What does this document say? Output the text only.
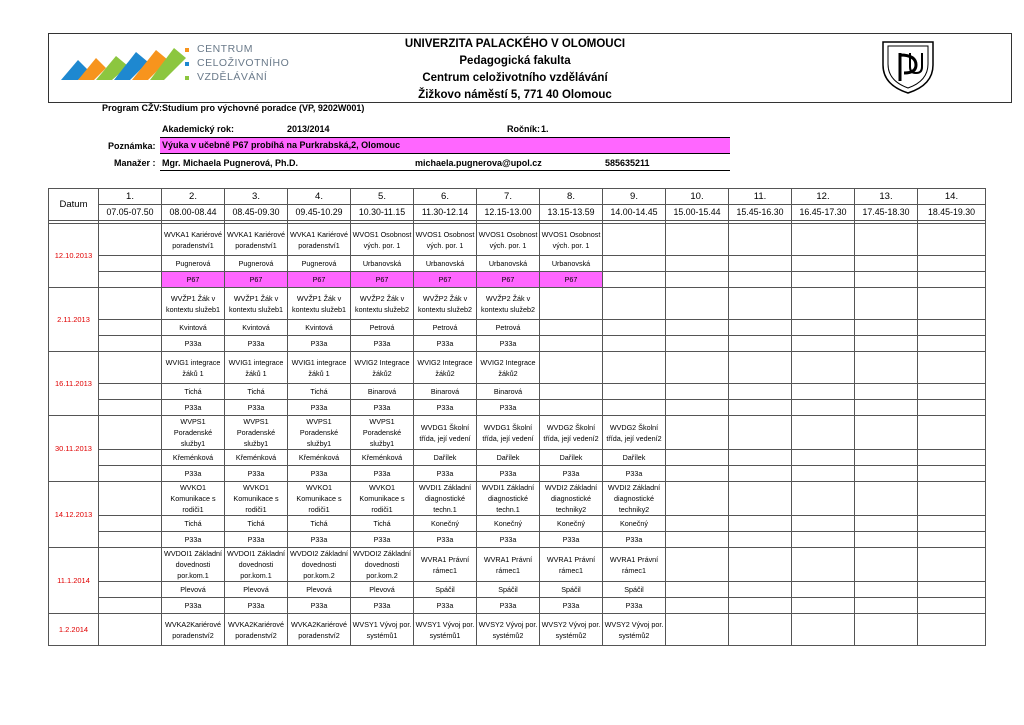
CENTRUM
CELOŽIVOTNÍHO
VZDĚLÁVÁNÍ
UNIVERZITA PALACKÉHO V OLOMOUCI
Pedagogická fakulta
Centrum celoživotního vzdělávání
Žižkovo náměstí 5, 771 40 Olomouc
Program CŽV: Studium pro výchovné poradce (VP, 9202W001)
Akademický rok:	2013/2014	Ročník: 1.
Poznámka: Výuka v učebně P67 probíhá na Purkrabská,2, Olomouc
Manažer : Mgr. Michaela Pugnerová, Ph.D.	michaela.pugnerova@upol.cz	585635211
Datum	1.	2.	3.	4.	5.	6.	7.	8.	9.	10.	11.	12.	13.	14.
	07.05-07.50	08.00-08.44	08.45-09.30	09.45-10.29	10.30-11.15	11.30-12.14	12.15-13.00	13.15-13.59	14.00-14.45	15.00-15.44	15.45-16.30	16.45-17.30	17.45-18.30	18.45-19.30

12.10.2013		WVKA1 Kariérové poradenství1	WVKA1 Kariérové poradenství1	WVKA1 Kariérové poradenství1	WVOS1 Osobnost vých. por. 1	WVOS1 Osobnost vých. por. 1	WVOS1 Osobnost vých. por. 1	WVOS1 Osobnost vých. por. 1						
		Pugnerová	Pugnerová	Pugnerová	Urbanovská	Urbanovská	Urbanovská	Urbanovská						
		P67	P67	P67	P67	P67	P67	P67						
2.11.2013		WVŽP1 Žák v kontextu služeb1	WVŽP1 Žák v kontextu služeb1	WVŽP1 Žák v kontextu služeb1	WVŽP2 Žák v kontextu služeb2	WVŽP2 Žák v kontextu služeb2	WVŽP2 Žák v kontextu služeb2							
		Kvintová	Kvintová	Kvintová	Petrová	Petrová	Petrová							
		P33a	P33a	P33a	P33a	P33a	P33a							
16.11.2013		WVIG1 integrace žáků 1	WVIG1 integrace žáků 1	WVIG1 integrace žáků 1	WVIG2 Integrace žáků2	WVIG2 Integrace žáků2	WVIG2 Integrace žáků2							
		Tichá	Tichá	Tichá	Binarová	Binarová	Binarová							
		P33a	P33a	P33a	P33a	P33a	P33a							
30.11.2013		WVPS1 Poradenské služby1	WVPS1 Poradenské služby1	WVPS1 Poradenské služby1	WVPS1 Poradenské služby1	WVDG1 Školní třída, její vedení	WVDG1 Školní třída, její vedení	WVDG2 Školní třída, její vedení2	WVDG2 Školní třída, její vedení2					
		Křeménková	Křeménková	Křeménková	Křeménková	Dařílek	Dařílek	Dařílek	Dařílek					
		P33a	P33a	P33a	P33a	P33a	P33a	P33a	P33a					
14.12.2013		WVKO1 Komunikace s rodiči1	WVKO1 Komunikace s rodiči1	WVKO1 Komunikace s rodiči1	WVKO1 Komunikace s rodiči1	WVDI1 Základní diagnostické techn.1	WVDI1 Základní diagnostické techn.1	WVDI2 Základní diagnostické techniky2	WVDI2 Základní diagnostické techniky2					
		Tichá	Tichá	Tichá	Tichá	Konečný	Konečný	Konečný	Konečný					
		P33a	P33a	P33a	P33a	P33a	P33a	P33a	P33a					
11.1.2014		WVDOI1 Základní dovednosti por.kom.1	WVDOI1 Základní dovednosti por.kom.1	WVDOI2 Základní dovednosti por.kom.2	WVDOI2 Základní dovednosti por.kom.2	WVRA1 Právní rámec1	WVRA1 Právní rámec1	WVRA1 Právní rámec1	WVRA1 Právní rámec1					
		Plevová	Plevová	Plevová	Plevová	Spáčil	Spáčil	Spáčil	Spáčil					
		P33a	P33a	P33a	P33a	P33a	P33a	P33a	P33a					
1.2.2014		WVKA2Kariérové poradenství2	WVKA2Kariérové poradenství2	WVKA2Kariérové poradenství2	WVSY1 Vývoj por. systémů1	WVSY1 Vývoj por. systémů1	WVSY2 Vývoj por. systémů2	WVSY2 Vývoj por. systémů2	WVSY2 Vývoj por. systémů2					
